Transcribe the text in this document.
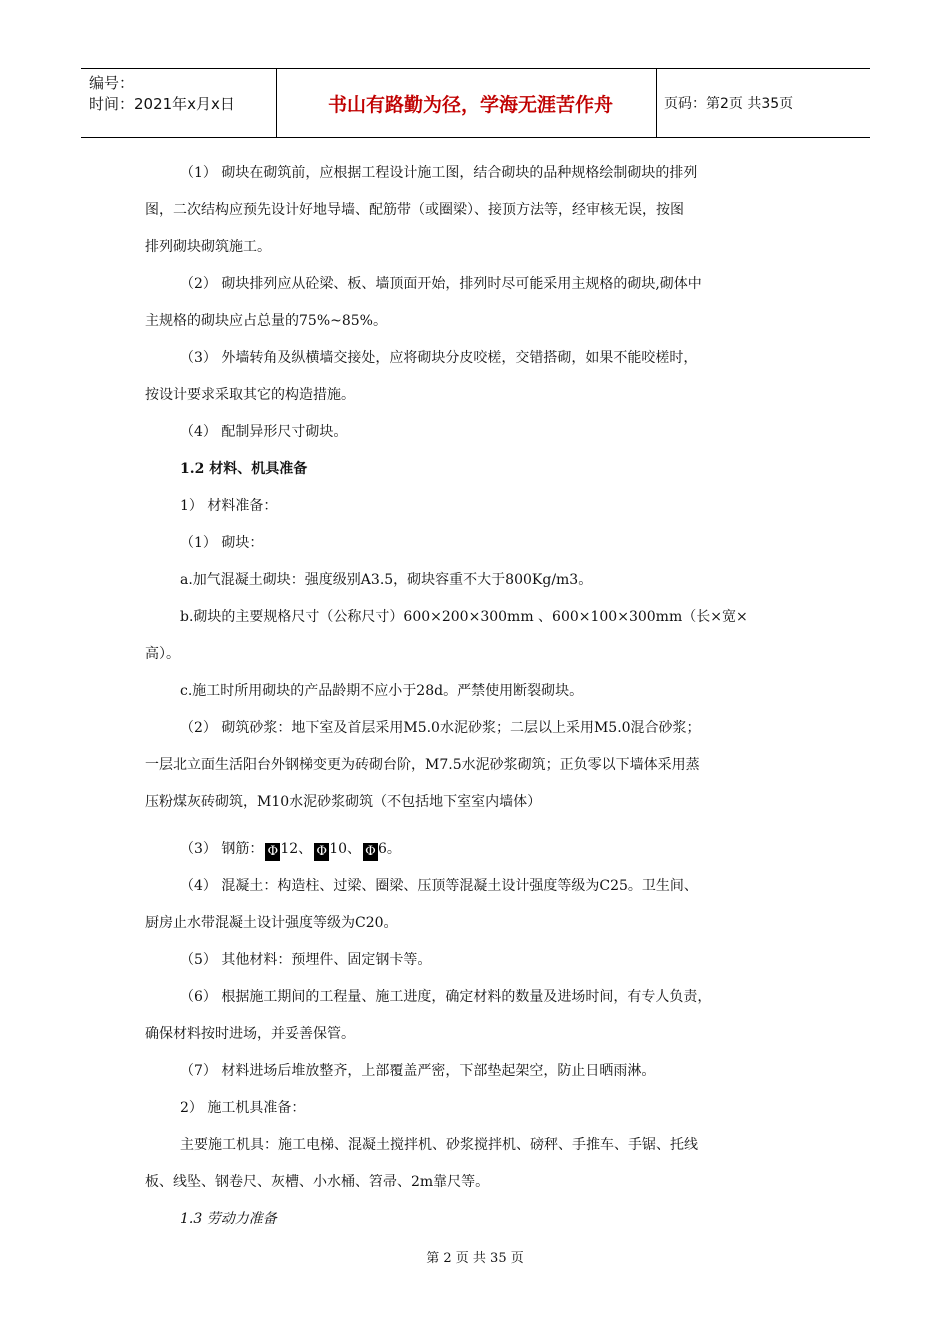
编号：
时间：2021年x月x日	书山有路勤为径，学海无涯苦作舟	页码：第2页 共35页

（1） 砌块在砌筑前，应根据工程设计施工图，结合砌块的品种规格绘制砌块的排列

图，二次结构应预先设计好地导墙、配筋带（或圈梁）、接顶方法等，经审核无误，按图

排列砌块砌筑施工。

（2） 砌块排列应从砼梁、板、墙顶面开始，排列时尽可能采用主规格的砌块,砌体中

主规格的砌块应占总量的75%~85%。

（3） 外墙转角及纵横墙交接处，应将砌块分皮咬槎，交错搭砌，如果不能咬槎时，

按设计要求采取其它的构造措施。

（4） 配制异形尺寸砌块。

1.2 材料、机具准备

1） 材料准备：

（1） 砌块：

a.加气混凝土砌块：强度级别A3.5，砌块容重不大于800Kg/m3。

b.砌块的主要规格尺寸（公称尺寸）600×200×300mm 、600×100×300mm（长×宽×

高）。

c.施工时所用砌块的产品龄期不应小于28d。严禁使用断裂砌块。

（2） 砌筑砂浆：地下室及首层采用M5.0水泥砂浆；二层以上采用M5.0混合砂浆；

一层北立面生活阳台外钢梯变更为砖砌台阶，M7.5水泥砂浆砌筑；正负零以下墙体采用蒸

压粉煤灰砖砌筑，M10水泥砂浆砌筑（不包括地下室室内墙体）

（3） 钢筋： Φ 12、 Φ 10、 Φ 6。

（4） 混凝土：构造柱、过梁、圈梁、压顶等混凝土设计强度等级为C25。卫生间、

厨房止水带混凝土设计强度等级为C20。

（5） 其他材料：预埋件、固定钢卡等。

（6） 根据施工期间的工程量、施工进度，确定材料的数量及进场时间，有专人负责，

确保材料按时进场，并妥善保管。

（7） 材料进场后堆放整齐，上部覆盖严密，下部垫起架空，防止日晒雨淋。

2） 施工机具准备：

主要施工机具：施工电梯、混凝土搅拌机、砂浆搅拌机、磅秤、手推车、手锯、托线

板、线坠、钢卷尺、灰槽、小水桶、笤帚、2m靠尺等。

1.3 劳动力准备

第 2 页 共 35 页
